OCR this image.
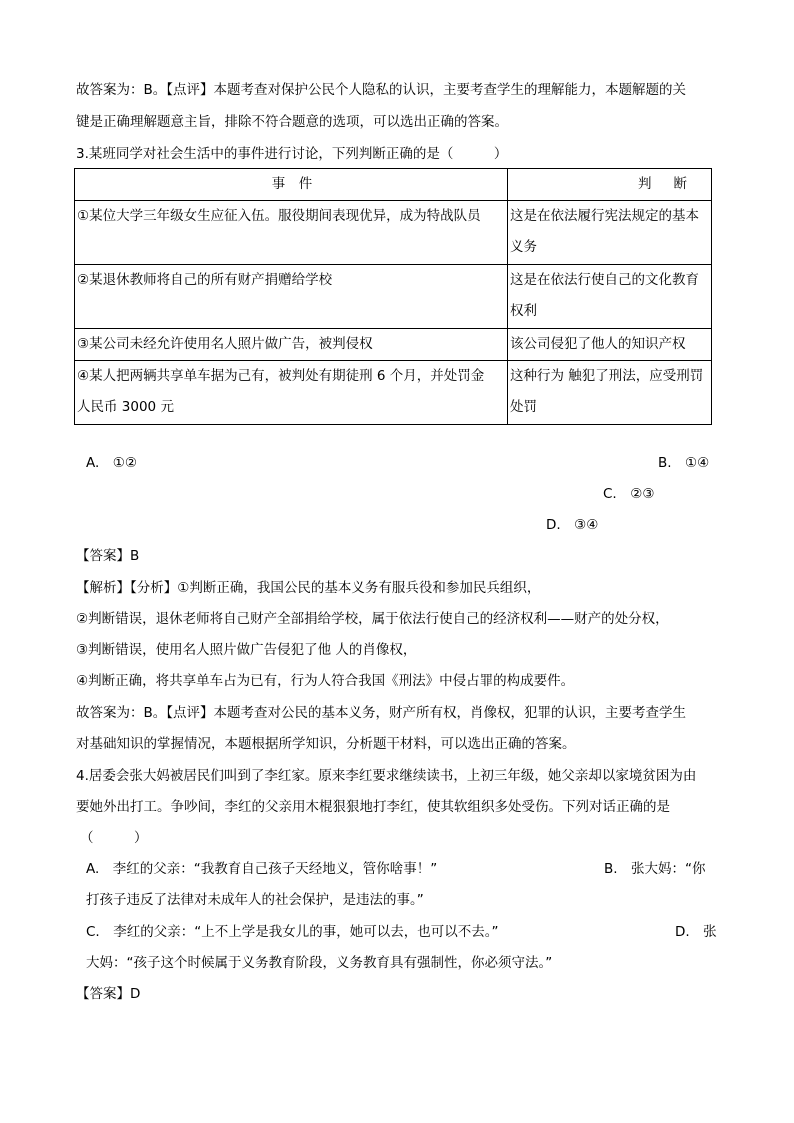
故答案为：B。【点评】本题考查对保护公民个人隐私的认识，主要考查学生的理解能力，本题解题的关
键是正确理解题意主旨，排除不符合题意的选项，可以选出正确的答案。
3.某班同学对社会生活中的事件进行讨论，下列判断正确的是（　　　）
事　件	判断
①某位大学三年级女生应征入伍。服役期间表现优异，成为特战队员	这是在依法履行宪法规定的基本
义务
②某退休教师将自己的所有财产捐赠给学校	这是在依法行使自己的文化教育
权利
③某公司未经允许使用名人照片做广告，被判侵权	该公司侵犯了他人的知识产权
④某人把两辆共享单车据为己有，被判处有期徒刑 6 个月，并处罚金
人民币 3000 元	这种行为 触犯了刑法，应受刑罚
处罚
A.　①②	B.　①④
C.　②③
D.　③④
【答案】B
【解析】【分析】①判断正确，我国公民的基本义务有服兵役和参加民兵组织，
②判断错误，退休老师将自己财产全部捐给学校，属于依法行使自己的经济权利——财产的处分权，
③判断错误，使用名人照片做广告侵犯了他 人的肖像权，
④判断正确，将共享单车占为已有，行为人符合我国《刑法》中侵占罪的构成要件。
故答案为：B。【点评】本题考查对公民的基本义务，财产所有权，肖像权，犯罪的认识，主要考查学生
对基础知识的掌握情况，本题根据所学知识，分析题干材料，可以选出正确的答案。
4.居委会张大妈被居民们叫到了李红家。原来李红要求继续读书，上初三年级，她父亲却以家境贫困为由
要她外出打工。争吵间，李红的父亲用木棍狠狠地打李红，使其软组织多处受伤。下列对话正确的是
（　　　）
A.　李红的父亲：“我教育自己孩子天经地义，管你啥事！”	B.　张大妈：“你
打孩子违反了法律对未成年人的社会保护，是违法的事。”
C.　李红的父亲：“上不上学是我女儿的事，她可以去，也可以不去。”	D.　张
大妈：“孩子这个时候属于义务教育阶段，义务教育具有强制性，你必须守法。”
【答案】D
